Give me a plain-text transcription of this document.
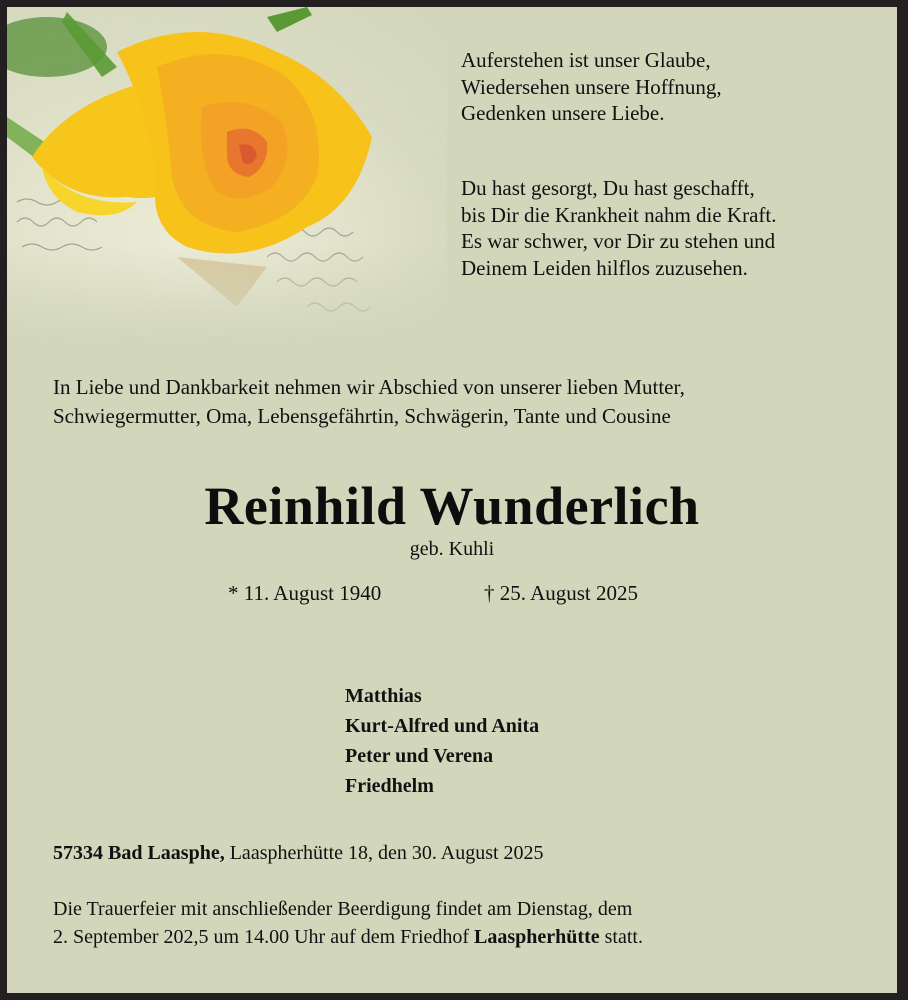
Auferstehen ist unser Glaube,
Wiedersehen unsere Hoffnung,
Gedenken unsere Liebe.
Du hast gesorgt, Du hast geschafft,
bis Dir die Krankheit nahm die Kraft.
Es war schwer, vor Dir zu stehen und
Deinem Leiden hilflos zuzusehen.
In Liebe und Dankbarkeit nehmen wir Abschied von unserer lieben Mutter,
Schwiegermutter, Oma, Lebensgefährtin, Schwägerin, Tante und Cousine
Reinhild Wunderlich
geb. Kuhli
* 11. August 1940	† 25. August 2025
Matthias
Kurt-Alfred und Anita
Peter und Verena
Friedhelm
57334 Bad Laasphe, Laaspherhütte 18, den 30. August 2025
Die Trauerfeier mit anschließender Beerdigung findet am Dienstag, dem
2. September 202,5 um 14.00 Uhr auf dem Friedhof Laaspherhütte statt.
